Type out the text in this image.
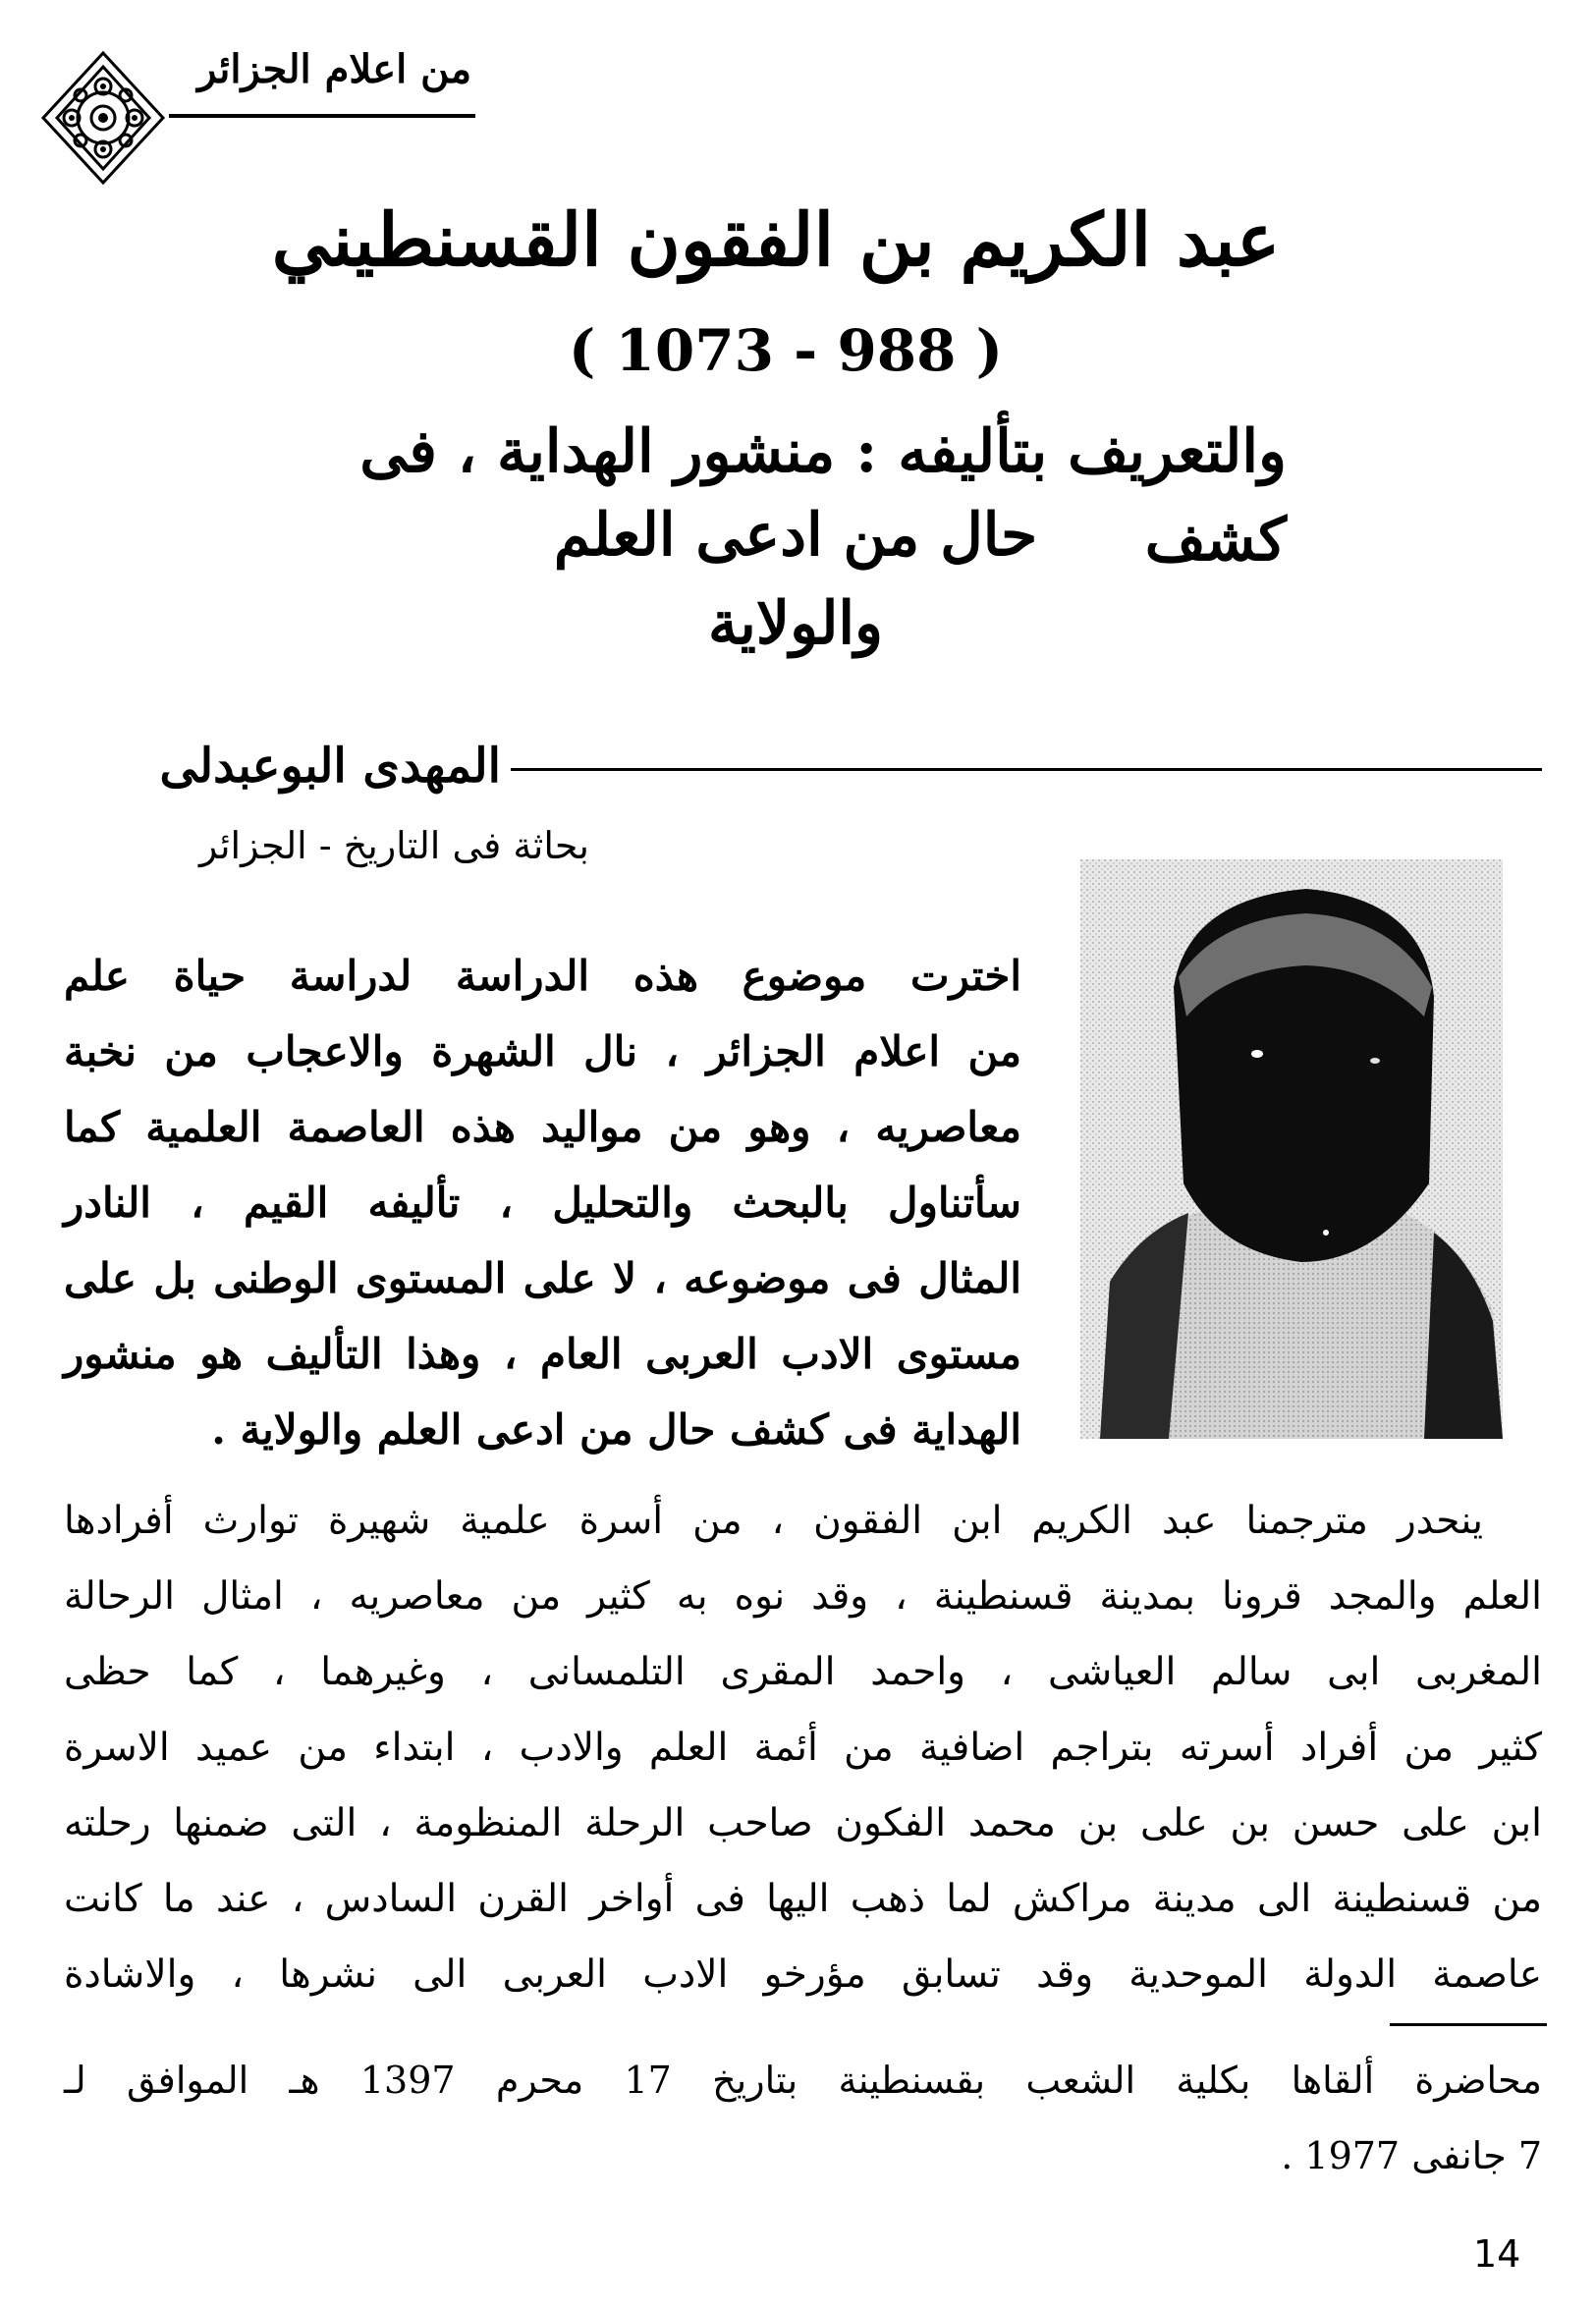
من اعلام الجزائر
عبد الكريم بن الفقون القسنطيني
( 1073 - 988 )
والتعريف بتأليفه : منشور الهداية ، فى كشف
حال من ادعى العلم والولاية
المهدى البوعبدلى
بحاثة فى التاريخ - الجزائر
اخترت موضوع هذه الدراسة لدراسة حياة علم
من اعلام الجزائر ، نال الشهرة والاعجاب من نخبة
معاصريه ، وهو من مواليد هذه العاصمة العلمية كما
سأتناول بالبحث والتحليل ، تأليفه القيم ، النادر
المثال فى موضوعه ، لا على المستوى الوطنى بل على
مستوى الادب العربى العام ، وهذا التأليف هو منشور
الهداية فى كشف حال من ادعى العلم والولاية .
ينحدر مترجمنا عبد الكريم ابن الفقون ، من أسرة علمية شهيرة توارث أفرادها
العلم والمجد قرونا بمدينة قسنطينة ، وقد نوه به كثير من معاصريه ، امثال الرحالة
المغربى ابى سالم العياشى ، واحمد المقرى التلمسانى ، وغيرهما ، كما حظى
كثير من أفراد أسرته بتراجم اضافية من أئمة العلم والادب ، ابتداء من عميد الاسرة
ابن على حسن بن على بن محمد الفكون صاحب الرحلة المنظومة ، التى ضمنها رحلته
من قسنطينة الى مدينة مراكش لما ذهب اليها فى أواخر القرن السادس ، عند ما كانت
عاصمة الدولة الموحدية وقد تسابق مؤرخو الادب العربى الى نشرها ، والاشادة
محاضرة ألقاها بكلية الشعب بقسنطينة بتاريخ 17 محرم 1397 هـ الموافق لـ
7 جانفى 1977 .
14
